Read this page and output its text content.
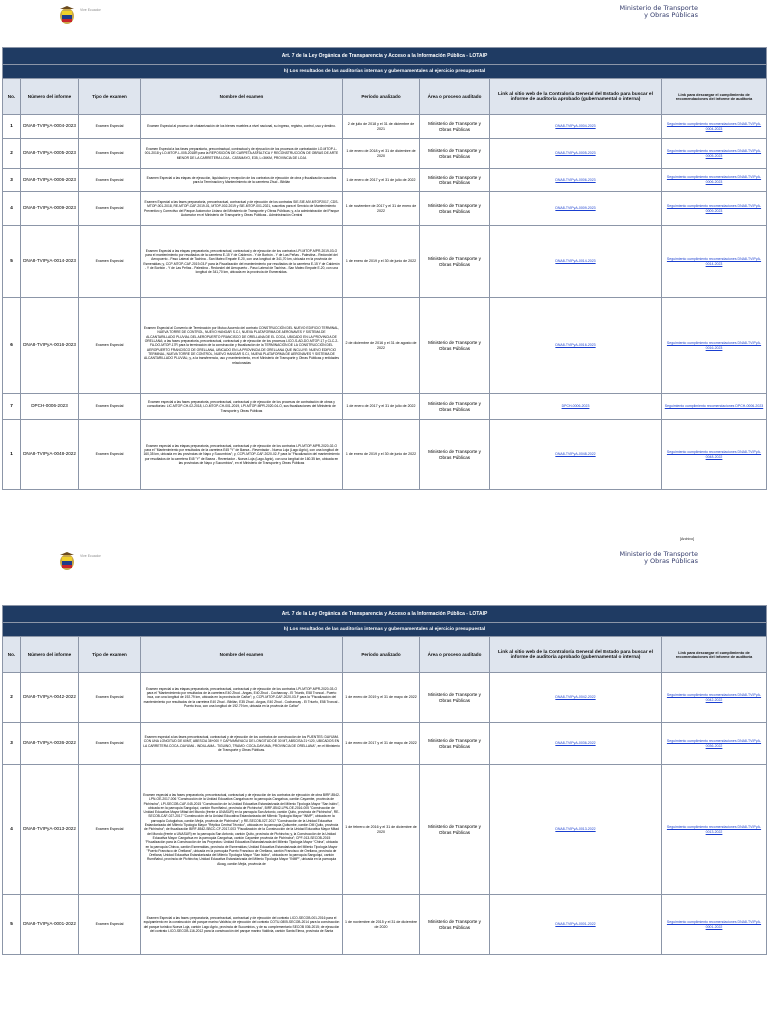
Vive Ecuador	Ministerio de Transporte
y Obras Públicas
Art. 7 de la Ley Orgánica de Transparencia y Acceso a la Información Pública - LOTAIP							
h) Los resultados de las auditorías internas y gubernamentales al ejercicio presupuestal							
No.	Número del informe	Tipo de examen	Nombre del examen	Período analizado	Área o proceso auditado	Link al sitio web de la Contraloría General del Estado para buscar el informe de auditoría aprobado (gubernamental o interna)	Link para descargar el cumplimiento de recomendaciones del informe de auditoría
1	DNA8-TVIPyA-0004-2023	Examen Especial	Examen Especial al proceso de chatarrización de los bienes muebles a nivel nacional, su ingreso, registro, control, uso y destino.	2 de julio de 2018 y el 31 de diciembre de 2021	Ministerio de Transporte y Obras Públicas	DNA8-TVIPyA-0004-2023	Seguimiento cumplimiento recomendaciones DNA8-TVIPyA-0004-2023
2	DNA8-TVIPyA-0005-2023	Examen Especial	Examen Especial a las fases preparatoria, precontractual, contractual y de ejecución de los procesos de contratación LO-MTOP-L-001-2018 y LO-MTOP-L-005-2018R para la REPOSICIÓN DE CARPETA ASFÁLTICA Y RECONSTRUCCIÓN DE OBRAS DE ARTE MENOR DE LA CARRETERA LOJA - CATAMAYO, E35, L=36KM, PROVINCIA DE LOJA	1 de enero de 2018 y el 31 de diciembre de 2020	Ministerio de Transporte y Obras Públicas	DNA8-TVIPyA-0005-2023	Seguimiento cumplimiento recomendaciones DNA8-TVIPyA-0005-2023
3	DNA8-TVIPyA-0006-2023	Examen Especial	Examen Especial a las etapas de ejecución, liquidación y recepción de los contratos de ejecución de obra y fiscalización suscritos para la Terminación y Mantenimiento de la carretera Zhud - Biblián	1 de enero de 2017 y el 31 de julio de 2022	Ministerio de Transporte y Obras Públicas	DNA8-TVIPyA-0006-2023	Seguimiento cumplimiento recomendaciones DNA8-TVIPyA-0006-2023
4	DNA8-TVIPyA-0009-2023	Examen Especial	Examen Especial a las fases preparatoria, precontractual, contractual y de ejecución de los contratos SIE-SIE-MV-MTOP2017, CDS-MTOP-001-2018, RE-MTOP-CAF-2019-01, MTOP-002-2019 y SIE-MTOP-001-2021, suscritos para el Servicio de Mantenimiento Preventivo y Correctivo del Parque Automotor Liviano del Ministerio de Transporte y Obras Públicas; y, a la administración del Parque Automotor en el Ministerio de Transporte y Obras Públicas - Administración Central	1 de noviembre de 2017 y el 31 de enero de 2022	Ministerio de Transporte y Obras Públicas	DNA8-TVIPyA-0009-2023	Seguimiento cumplimiento recomendaciones DNA8-TVIPyA-0009-2023
5	DNA8-TVIPyA-0014-2023	Examen Especial	Examen Especial a las etapas preparatoria, precontractual, contractual y de ejecución de los contratos LPI-MTOP-MPR-2019-03-O para el mantenimiento por resultados de la carretera E-15 Y de Calderón - Y de Borbón - Y de Las Peñas - Palestina - Redondel del Aeropuerto - Paso Lateral de Tachina - San Mateo Empate E-20, con una longitud de 341,70 km, ubicada en la provincia de Esmeraldas; y, CCP-MTOP-CAF-2019-03-F para la Fiscalización del mantenimiento por resultados de la carretera E-15 Y de Calderón - Y de Borbón - Y de Las Peñas - Palestina - Redondel del Aeropuerto - Paso Lateral de Tachina - San Mateo Empate E-20, con una longitud de 341,70 km, ubicada en la provincia de Esmeraldas.	1 de enero de 2019 y el 30 de junio de 2022	Ministerio de Transporte y Obras Públicas	DNA8-TVIPyA-0014-2023	Seguimiento cumplimiento recomendaciones DNA8-TVIPyA-0014-2023
6	DNA8-TVIPyA-0016-2023	Examen Especial	Examen Especial al Convenio de Terminación por Mutuo Acuerdo del contrato CONSTRUCCIÓN DEL NUEVO EDIFICIO TERMINAL, NUEVA TORRE DE CONTROL, NUEVO HANGAR S.C.I, NUEVA PLATAFORMA DE AERONAVES Y SISTEMA DE ALCANTARILLADO PLUVIAL DEL AEROPUERTO FRANCISCO DE ORELLANA DE EL COCA, UBICADO EN LA PROVINCIA DE ORELLANA; a las fases preparatoria, precontractual, contractual y de ejecución de los procesos LICO-S-AD-DO-MTOP-17 y CLC-2-FA-DO-MTOP-17R para la terminación de la construcción y fiscalización de la TERMINACIÓN DE LA CONSTRUCCIÓN DEL AEROPUERTO FRANCISCO DE ORELLANA, UBICADO EN LA PROVINCIA DE ORELLANA QUE INCLUYE: NUEVO EDIFICIO TERMINAL, NUEVA TORRE DE CONTROL, NUEVO HANGAR S.C.I, NUEVA PLATAFORMA DE AERONAVES Y SISTEMA DE ALCANTARILLADO PLUVIAL; y, a la transferencia, uso y mantenimiento, en el Ministerio de Transporte y Obras Públicas y entidades relacionadas	2 de diciembre de 2016 y el 31 de agosto de 2022	Ministerio de Transporte y Obras Públicas	DNA8-TVIPyA-0016-2023	Seguimiento cumplimiento recomendaciones DNA8-TVIPyA-0016-2023
7	DPCH-0006-2023	Examen Especial	Examen especial a las fases preparatoria, precontractual, contractual y de ejecución de los procesos de contratación de obras y consultorías: LIC-MTOP-CH-02-2018, LO-MTOP-CH-001-2019, LPI-MTOP-MPR-2020-04-O, sus fiscalizaciones del Ministerio de Transporte y Obras Públicas	1 de enero de 2017 y el 31 de julio de 2022	Ministerio de Transporte y Obras Públicas	DPCH-0006-2023	Seguimiento cumplimiento recomendaciones DPCH-0006-2023
1	DNA8-TVIPyA-0048-2022	Examen Especial	Examen especial a las etapas preparatoria, precontractual, contractual y de ejecución de los contratos LPI-MTOP-MPR-2020-02-O para el "Mantenimiento por resultados de la carretera E45 "Y" de Baeza - Reventador - Nueva Loja (Lago Agrio), con una longitud de 160,35 km, ubicada en las provincias de Napo y Sucumbíos"; y, CCPI-MTOP-CAF-2020-02-F para la "Fiscalización del mantenimiento por resultados de la carretera E45 "Y" de Baeza - Reventador - Nueva Loja (Lago Agrio), con una longitud de 160.35 km, ubicada en las provincias de Napo y Sucumbíos", en el Ministerio de Transporte y Obras Públicas	1 de enero de 2019 y el 30 de junio de 2022	Ministerio de Transporte y Obras Públicas	DNA8-TVIPyA-0048-2022	Seguimiento cumplimiento recomendaciones DNA8-TVIPyA-0048-2022
[Archivo]
Vive Ecuador	Ministerio de Transporte
y Obras Públicas
Art. 7 de la Ley Orgánica de Transparencia y Acceso a la Información Pública - LOTAIP							
h) Los resultados de las auditorías internas y gubernamentales al ejercicio presupuestal							
No.	Número del informe	Tipo de examen	Nombre del examen	Período analizado	Área o proceso auditado	Link al sitio web de la Contraloría General del Estado para buscar el informe de auditoría aprobado (gubernamental o interna)	Link para descargar el cumplimiento de recomendaciones del informe de auditoría
2	DNA8-TVIPyA-0042-2022	Examen Especial	Examen especial a las etapas preparatoria, precontractual, contractual y de ejecución de los contratos LPI-MTOP-MPR-2020-03-O para el "Mantenimiento por resultados de la carretera E40 Zhud - Angas, E40 Zhud - Cochancay - El Triunfo, E58 Troncal - Puerto Inca, con una longitud de 192.79 km, ubicada en la provincia de Cañar"; y, CCPI-MTOP-CAF-2020-03-F para la "Fiscalización del mantenimiento por resultados de la carretera E40 Zhud - Biblián, E35 Zhud - Angas, E40 Zhud - Cochancay - El Triunfo, E58 Troncal - Puerto Inca, con una longitud de 192.79 km, ubicada en la provincia de Cañar"	1 de enero de 2019 y el 31 de mayo de 2022	Ministerio de Transporte y Obras Públicas	DNA8-TVIPyA-0042-2022	Seguimiento cumplimiento recomendaciones DNA8-TVIPyA-0042-2022
3	DNA8-TVIPyA-0036-2022	Examen Especial	Examen especial a las fases precontractual, contractual y de ejecución de los contratos de construcción de los PUENTES: DAYUMA CON UNA LONGITUD DE 60MT, ABESCIA 38+000 Y CAPIVARAYACU DE LONGITUD DE 30 MT, ABSCISA 21+120, UBICADOS EN LA CARRETERA COCA -DAYUMA - INDILLAMA - TIGUINO, TRAMO: COCA-DAYUMA, PROVINCIA DE ORELLANA", en el Ministerio de Transporte y Obras Públicas.	1 de enero de 2017 y el 31 de mayo de 2022	Ministerio de Transporte y Obras Públicas	DNA8-TVIPyA-0036-2022	Seguimiento cumplimiento recomendaciones DNA8-TVIPyA-0036-2022
4	DNA8-TVIPyA-0013-2022	Examen Especial	Examen especial a las fases preparatoria, precontractual, contractual y de ejecución de los contratos de ejecución de obra BIRF-8542-LPN-OE-2017-006 "Construcción de la Unidad Educativa Cangahua en la parroquia Cangahua, cantón Cayambe, provincia de Pichincha", LPI-SECOB-CAF-045-2015 "Construcción de la Unidad Educativa Estandarizada del Milenio Tipología Mayor "San Isidro", ubicada en la parroquia Sangolquí, cantón Rumiñahui, provincia de Pichincha", BIRF-8542-LPN-OE-2016-005 "Construcción de Unidad Educativa Mayor Mitad del Mundo (frente a UNASUR) en la parroquia San Antonio, cantón Quito, provincia de Pichincha", RE-SECOB-CAF-027-2017 "Construcción de la Unidad Educativa Estandarizada del Milenio Tipología Mayor "INMP", ubicada en la parroquia Cutuglahua, cantón Mejía, provincia de Pichincha"; y RE-SECOB-027-2017 "Construcción de la Unidad Educativa Estandarizada del Milenio Tipología Mayor "Réplica Central Técnico", ubicada en la parroquia Quitumbe, cantón DM Quito, provincia de Pichincha"; de fiscalización BIRF-8542-SBCC-CF-2017-003 "Fiscalización de la Construcción de la Unidad Educativa Mayor Mitad del Mundo (frente a UNASUR) en la parroquia San Antonio, cantón Quito, provincia de Pichincha; y, la Construcción de la Unidad Educativa Mayor Cangahua en la parroquia Cangahua, cantón Cayambe provincia de Pichincha"; CPF-013-SECOB-2015 "Fiscalización para la Construcción de los Proyectos: Unidad Educativa Estandarizada del Milenio Tipología Mayor "China", ubicada en la parroquia Chinca, cantón Esmeraldas, provincia de Esmeraldas; Unidad Educativa Estandarizada del Milenio Tipología Mayor "Puerto Francisco de Orellana", ubicada en la parroquia Puerto Francisco de Orellana, cantón Francisco de Orellana, provincia de Orellana; Unidad Educativa Estandarizada del Milenio Tipología Mayor "San Isidro", ubicada en la parroquia Sangolquí, cantón Rumiñahui, provincia de Pichincha; Unidad Educativa Estandarizada del Milenio Tipología Mayor "INMP", ubicada en la parroquia Aloag, cantón Mejía, provincia de	1 de febrero de 2016 y el 31 de diciembre de 2020	Ministerio de Transporte y Obras Públicas	DNA8-TVIPyA-0013-2022	Seguimiento cumplimiento recomendaciones DNA8-TVIPyA-0013-2022
5	DNA8-TVIPyA-0001-2022	Examen Especial	Examen Especial a las fases: preparatoria, precontractual, contractual y de ejecución del contrato LICO-SECOB-001-2016 para el equipamiento en la construcción del parque marino Valdivia; de ejecución del contrato COTU-0805-SECOB-2014 para la construcción del parque turístico Nueva Loja, cantón Lago Agrio, provincia de Sucumbíos, y de su complementario SECOB 036-2015; de ejecución del contrato LICO-SECOB-116-2012 para la construcción del parque marino Valdivia, cantón Santa Elena, provincia de Santa	1 de noviembre de 2015 y el 31 de diciembre de 2020	Ministerio de Transporte y Obras Públicas	DNA8-TVIPyA-0001-2022	Seguimiento cumplimiento recomendaciones DNA8-TVIPyA-0001-2022
